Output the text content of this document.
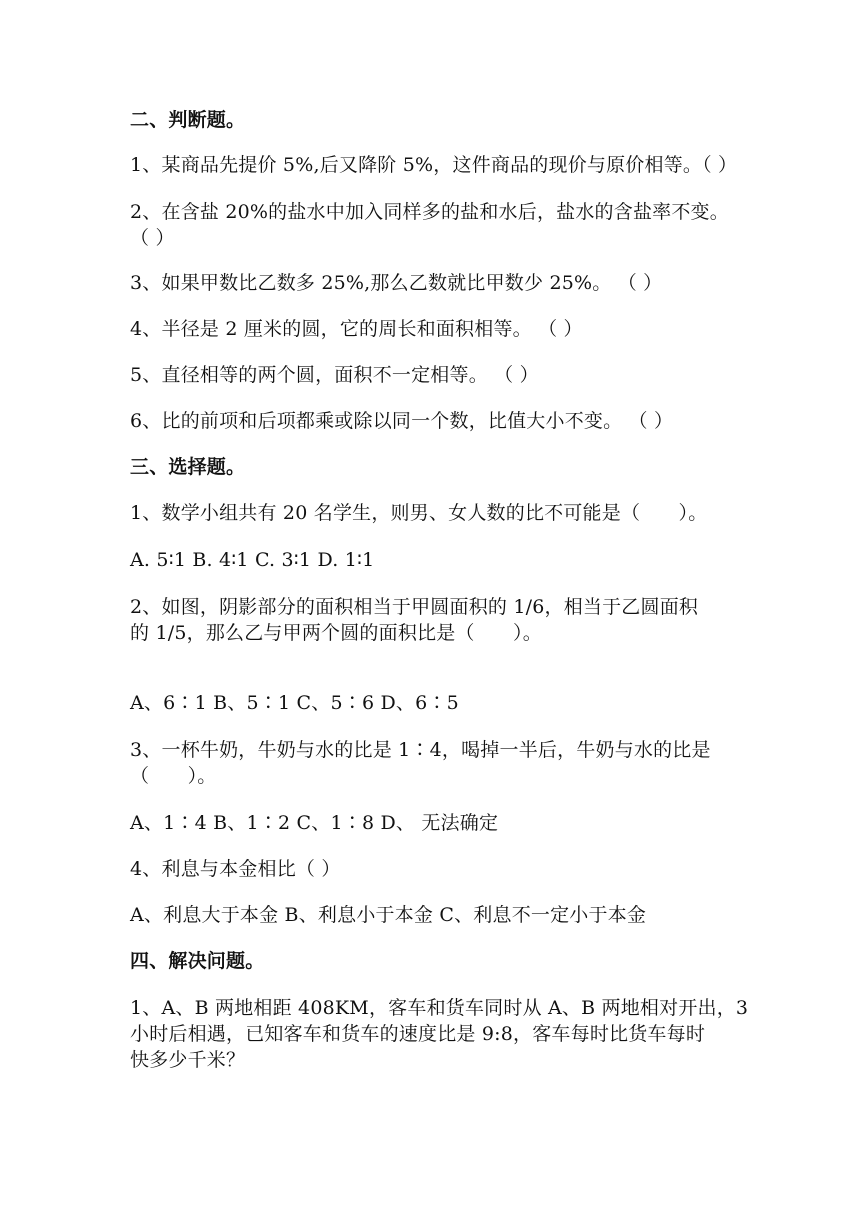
二、判断题。
1、某商品先提价 5%,后又降阶 5%，这件商品的现价与原价相等。（ ）
2、在含盐 20%的盐水中加入同样多的盐和水后，盐水的含盐率不变。
（ ）
3、如果甲数比乙数多 25%,那么乙数就比甲数少 25%。 （ ）
4、半径是 2 厘米的圆，它的周长和面积相等。 （ ）
5、直径相等的两个圆，面积不一定相等。 （ ）
6、比的前项和后项都乘或除以同一个数，比值大小不变。 （ ）
三、选择题。
1、数学小组共有 20 名学生，则男、女人数的比不可能是（　　）。
A. 5∶1 B. 4∶1 C. 3∶1 D. 1∶1
2、如图，阴影部分的面积相当于甲圆面积的 1/6，相当于乙圆面积
的 1/5，那么乙与甲两个圆的面积比是（　　）。
A、6∶1 B、5∶1 C、5∶6 D、6∶5
3、一杯牛奶，牛奶与水的比是 1∶4，喝掉一半后，牛奶与水的比是
（　　）。
A、1∶4 B、1∶2 C、1∶8 D、 无法确定
4、利息与本金相比（ ）
A、利息大于本金 B、利息小于本金 C、利息不一定小于本金
四、解决问题。
1、A、B 两地相距 408KM，客车和货车同时从 A、B 两地相对开出，3
小时后相遇，已知客车和货车的速度比是 9:8，客车每时比货车每时
快多少千米？
